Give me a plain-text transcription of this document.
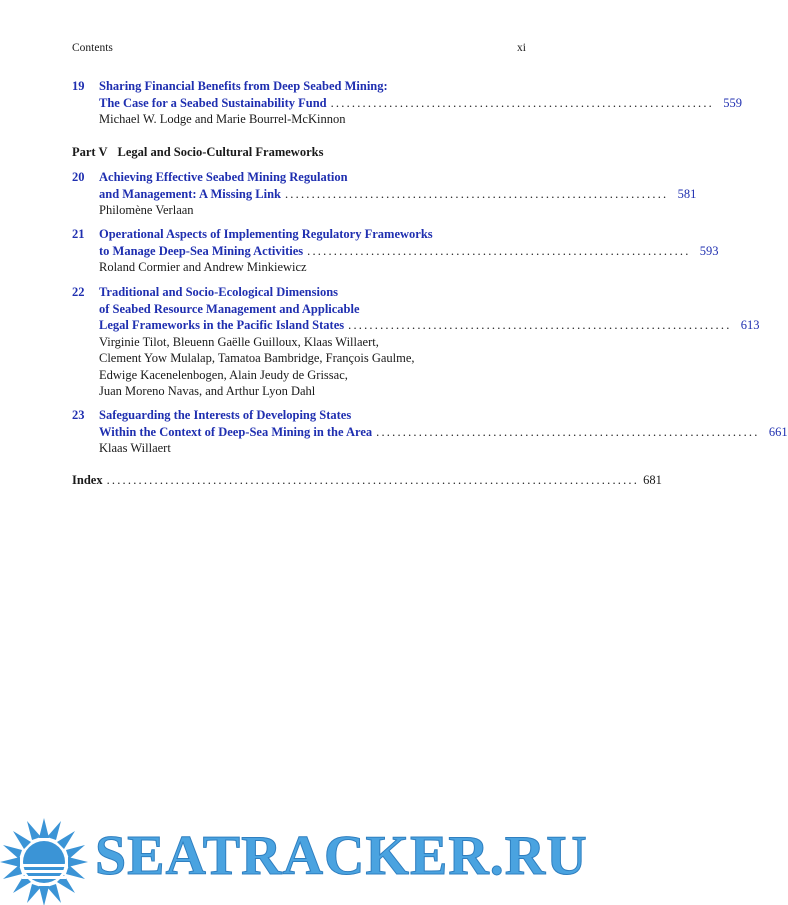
Contents	xi
19 Sharing Financial Benefits from Deep Seabed Mining:
The Case for a Seabed Sustainability Fund ........................................................................ 559
Michael W. Lodge and Marie Bourrel-McKinnon
Part V Legal and Socio-Cultural Frameworks
20 Achieving Effective Seabed Mining Regulation
and Management: A Missing Link ........................................................................ 581
Philomène Verlaan
21 Operational Aspects of Implementing Regulatory Frameworks
to Manage Deep-Sea Mining Activities ........................................................................ 593
Roland Cormier and Andrew Minkiewicz
22 Traditional and Socio-Ecological Dimensions
of Seabed Resource Management and Applicable
Legal Frameworks in the Pacific Island States ........................................................................ 613
Virginie Tilot, Bleuenn Gaëlle Guilloux, Klaas Willaert,
Clement Yow Mulalap, Tamatoa Bambridge, François Gaulme,
Edwige Kacenelenbogen, Alain Jeudy de Grissac,
Juan Moreno Navas, and Arthur Lyon Dahl
23 Safeguarding the Interests of Developing States
Within the Context of Deep-Sea Mining in the Area ........................................................................ 661
Klaas Willaert
Index .................................................................................................... 681
SEATRACKER.RU
